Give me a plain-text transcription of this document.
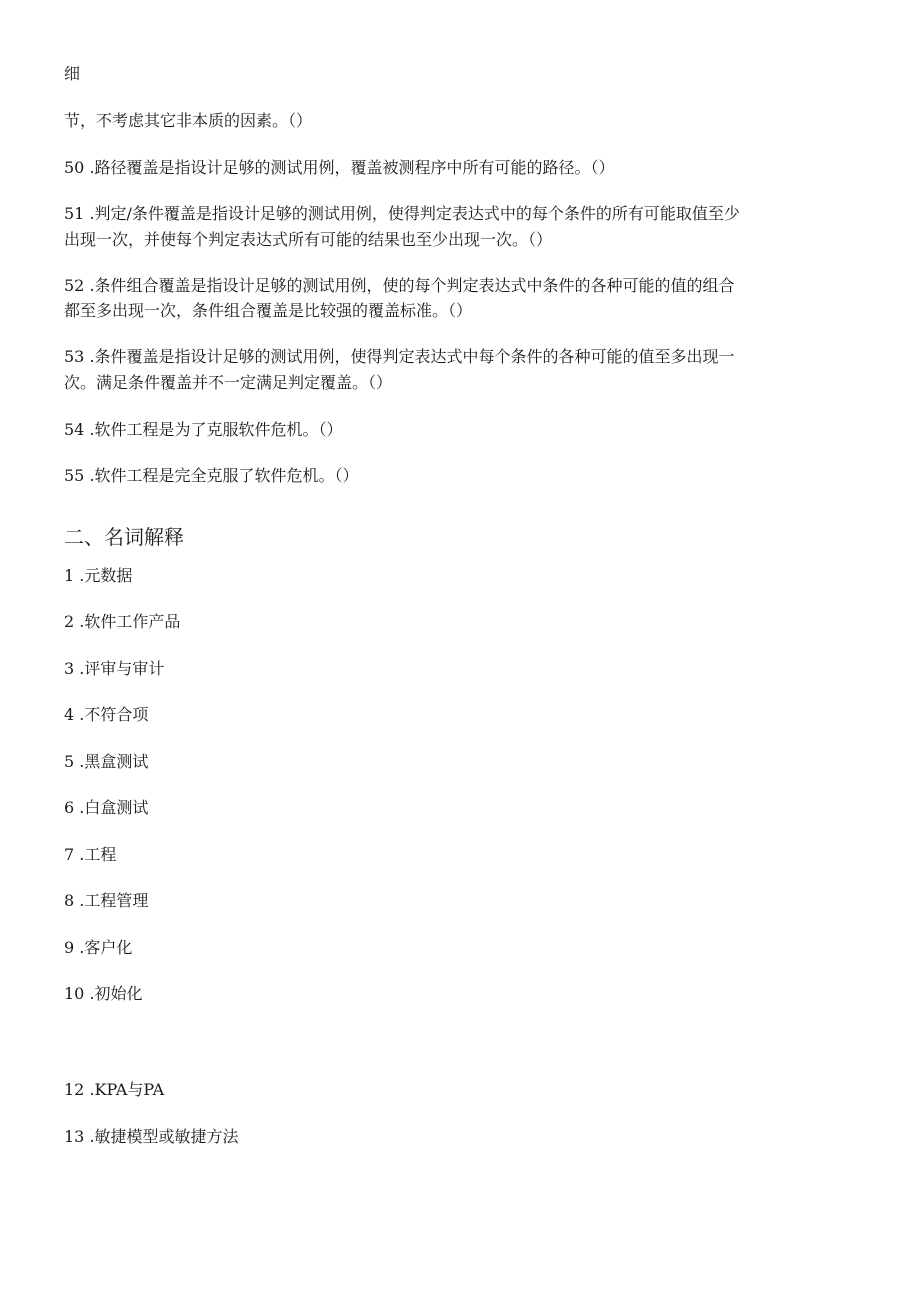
细
节，不考虑其它非本质的因素。（）
50 .路径覆盖是指设计足够的测试用例，覆盖被测程序中所有可能的路径。（）
51 .判定/条件覆盖是指设计足够的测试用例，使得判定表达式中的每个条件的所有可能取值至少
出现一次，并使每个判定表达式所有可能的结果也至少出现一次。（）
52 .条件组合覆盖是指设计足够的测试用例，使的每个判定表达式中条件的各种可能的值的组合
都至多出现一次，条件组合覆盖是比较强的覆盖标准。（）
53 .条件覆盖是指设计足够的测试用例，使得判定表达式中每个条件的各种可能的值至多出现一
次。满足条件覆盖并不一定满足判定覆盖。（）
54 .软件工程是为了克服软件危机。（）
55 .软件工程是完全克服了软件危机。（）
二、名词解释
1 .元数据
2 .软件工作产品
3 .评审与审计
4 .不符合项
5 .黑盒测试
6 .白盒测试
7 .工程
8 .工程管理
9 .客户化
10 .初始化
12 .KPA与PA
13 .敏捷模型或敏捷方法
